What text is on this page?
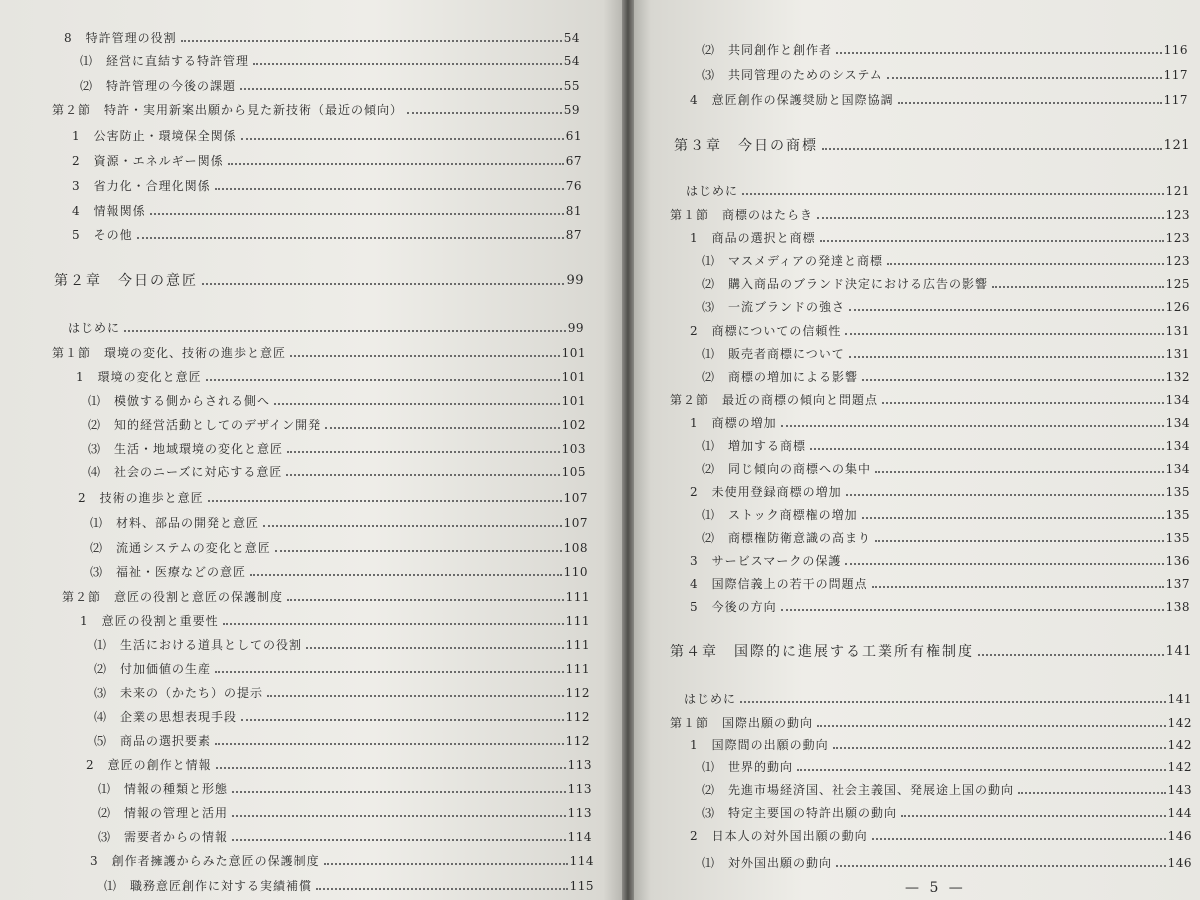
8　特許管理の役割	54
⑴　経営に直結する特許管理	54
⑵　特許管理の今後の課題	55
第２節　特許・実用新案出願から見た新技術（最近の傾向）	59
1　公害防止・環境保全関係	61
2　資源・エネルギー関係	67
3　省力化・合理化関係	76
4　情報関係	81
5　その他	87
第２章　今日の意匠	99
はじめに	99
第１節　環境の変化、技術の進歩と意匠	101
1　環境の変化と意匠	101
⑴　模倣する側からされる側へ	101
⑵　知的経営活動としてのデザイン開発	102
⑶　生活・地域環境の変化と意匠	103
⑷　社会のニーズに対応する意匠	105
2　技術の進歩と意匠	107
⑴　材料、部品の開発と意匠	107
⑵　流通システムの変化と意匠	108
⑶　福祉・医療などの意匠	110
第２節　意匠の役割と意匠の保護制度	111
1　意匠の役割と重要性	111
⑴　生活における道具としての役割	111
⑵　付加価値の生産	111
⑶　未来の（かたち）の提示	112
⑷　企業の思想表現手段	112
⑸　商品の選択要素	112
2　意匠の創作と情報	113
⑴　情報の種類と形態	113
⑵　情報の管理と活用	113
⑶　需要者からの情報	114
3　創作者擁護からみた意匠の保護制度	114
⑴　職務意匠創作に対する実績補償	115
⑵　共同創作と創作者	116
⑶　共同管理のためのシステム	117
4　意匠創作の保護奨励と国際協調	117
第３章　今日の商標	121
はじめに	121
第１節　商標のはたらき	123
1　商品の選択と商標	123
⑴　マスメディアの発達と商標	123
⑵　購入商品のブランド決定における広告の影響	125
⑶　一流ブランドの強さ	126
2　商標についての信頼性	131
⑴　販売者商標について	131
⑵　商標の増加による影響	132
第２節　最近の商標の傾向と問題点	134
1　商標の増加	134
⑴　増加する商標	134
⑵　同じ傾向の商標への集中	134
2　未使用登録商標の増加	135
⑴　ストック商標権の増加	135
⑵　商標権防衛意識の高まり	135
3　サービスマークの保護	136
4　国際信義上の若干の問題点	137
5　今後の方向	138
第４章　国際的に進展する工業所有権制度	141
はじめに	141
第１節　国際出願の動向	142
1　国際間の出願の動向	142
⑴　世界的動向	142
⑵　先進市場経済国、社会主義国、発展途上国の動向	143
⑶　特定主要国の特許出願の動向	144
2　日本人の対外国出願の動向	146
⑴　対外国出願の動向	146
— 5 —
